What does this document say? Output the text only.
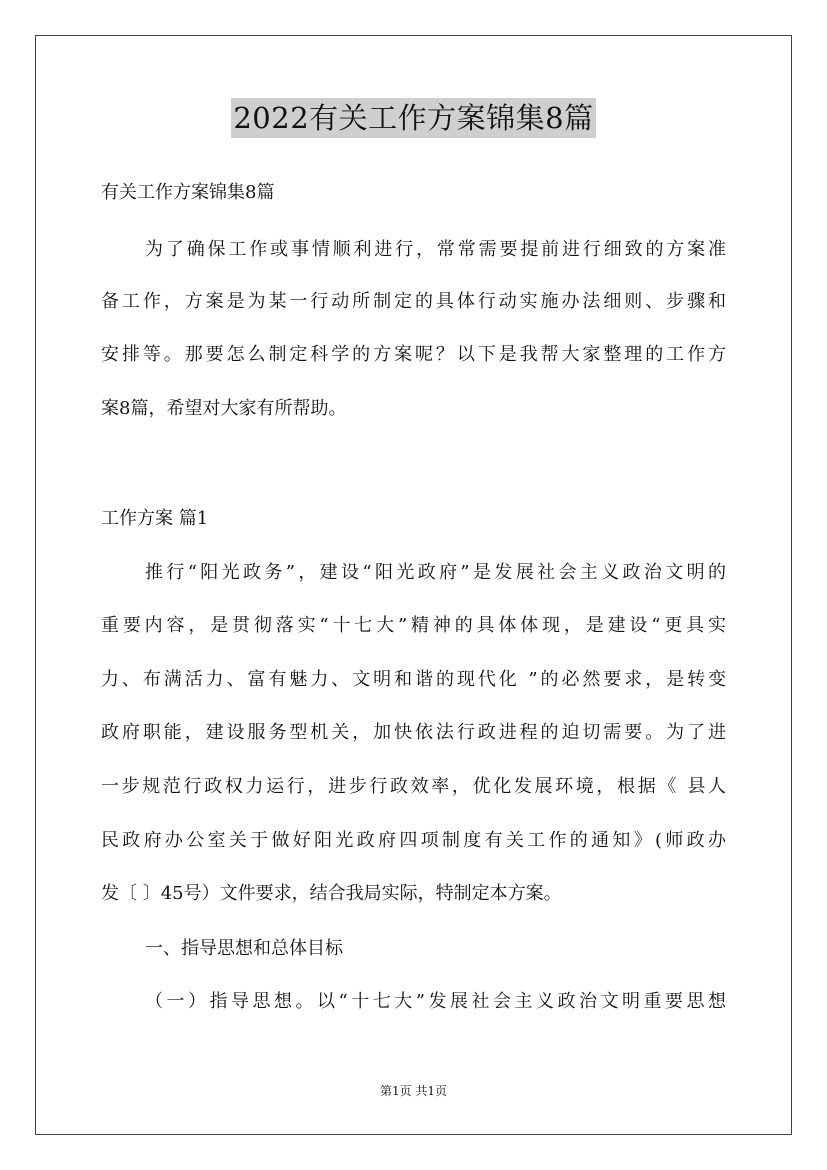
2022有关工作方案锦集8篇
有关工作方案锦集8篇
为了确保工作或事情顺利进行，常常需要提前进行细致的方案准
备工作，方案是为某一行动所制定的具体行动实施办法细则、步骤和
安排等。那要怎么制定科学的方案呢？以下是我帮大家整理的工作方
案8篇，希望对大家有所帮助。
工作方案 篇1
推行“阳光政务”，建设“阳光政府”是发展社会主义政治文明的
重要内容，是贯彻落实“十七大”精神的具体体现，是建设“更具实
力、布满活力、富有魅力、文明和谐的现代化 ”的必然要求，是转变
政府职能，建设服务型机关，加快依法行政进程的迫切需要。为了进
一步规范行政权力运行，进步行政效率，优化发展环境，根据《 县人
民政府办公室关于做好阳光政府四项制度有关工作的通知》(师政办
发〔 〕45号）文件要求，结合我局实际，特制定本方案。
一、指导思想和总体目标
（一）指导思想。以“十七大”发展社会主义政治文明重要思想
第1页 共1页
